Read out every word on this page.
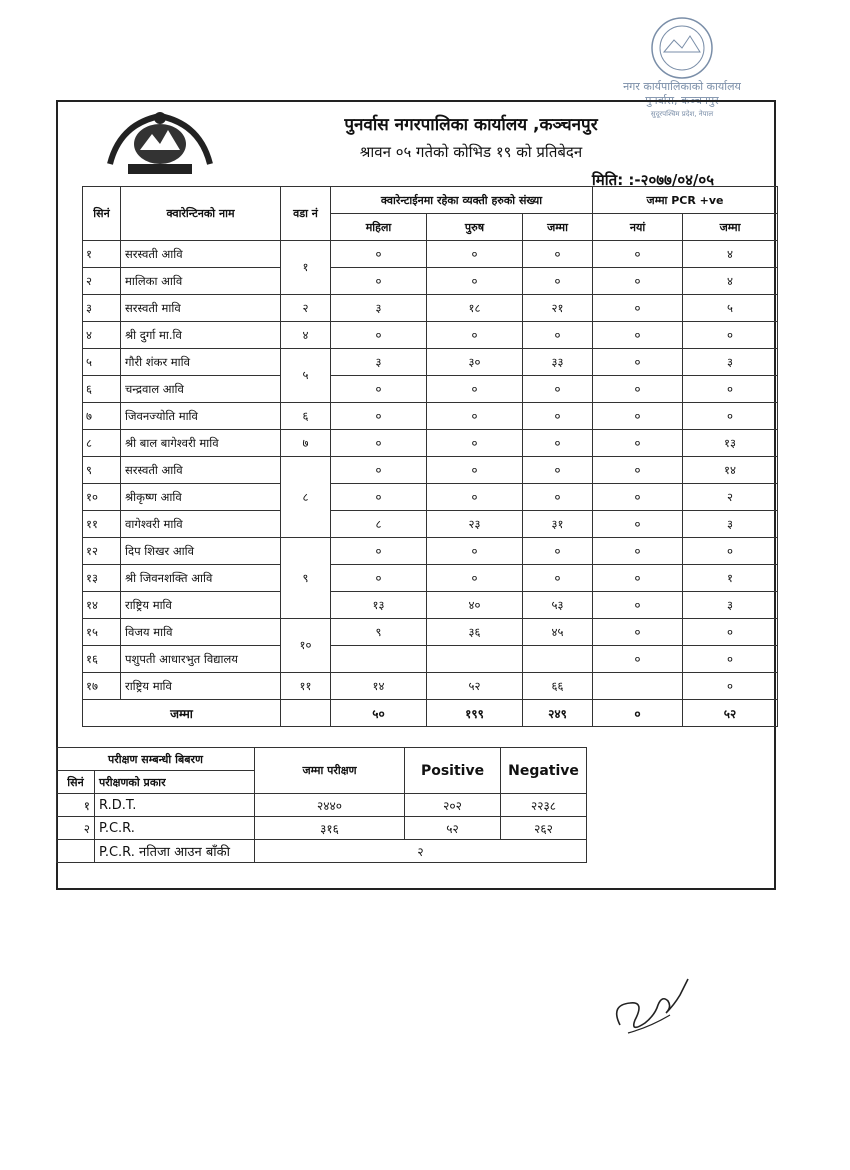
नगर कार्यपालिकाको कार्यालय
पुनर्वास, कञ्चनपुर
सुदूरपश्चिम प्रदेश, नेपाल
पुनर्वास नगरपालिका कार्यालय ,कञ्चनपुर
श्रावन ०५ गतेको कोभिड १९ को प्रतिबेदन
मिति: :-२०७७/०४/०५
सिनं	क्वारेन्टिनको नाम	वडा नं	क्वारेन्टाईनमा रहेका व्यक्ती हरुको संख्या			जम्मा PCR +ve	
			महिला	पुरुष	जम्मा	नयां	जम्मा
१	सरस्वती आवि	१	०	०	०	०	४
२	मालिका आवि		०	०	०	०	४
३	सरस्वती मावि	२	३	१८	२१	०	५
४	श्री दुर्गा मा.वि	४	०	०	०	०	०
५	गौरी शंकर मावि	५	३	३०	३३	०	३
६	चन्द्रवाल आवि		०	०	०	०	०
७	जिवनज्योति मावि	६	०	०	०	०	०
८	श्री बाल बागेश्वरी मावि	७	०	०	०	०	१३
९	सरस्वती आवि	८	०	०	०	०	१४
१०	श्रीकृष्ण आवि		०	०	०	०	२
११	वागेश्वरी मावि		८	२३	३१	०	३
१२	दिप शिखर आवि	९	०	०	०	०	०
१३	श्री जिवनशक्ति आवि		०	०	०	०	१
१४	राष्ट्रिय मावि		१३	४०	५३	०	३
१५	विजय मावि	१०	९	३६	४५	०	०
१६	पशुपती आधारभुत विद्यालय					०	०
१७	राष्ट्रिय मावि	११	१४	५२	६६		०
जम्मा			५०	१९९	२४९	०	५२
परीक्षण सम्बन्धी बिबरण		जम्मा परीक्षण	Positive	Negative
सिनं	परीक्षणको प्रकार			
१	R.D.T.	२४४०	२०२	२२३८
२	P.C.R.	३१६	५२	२६२
	P.C.R. नतिजा आउन बाँकी	२		
